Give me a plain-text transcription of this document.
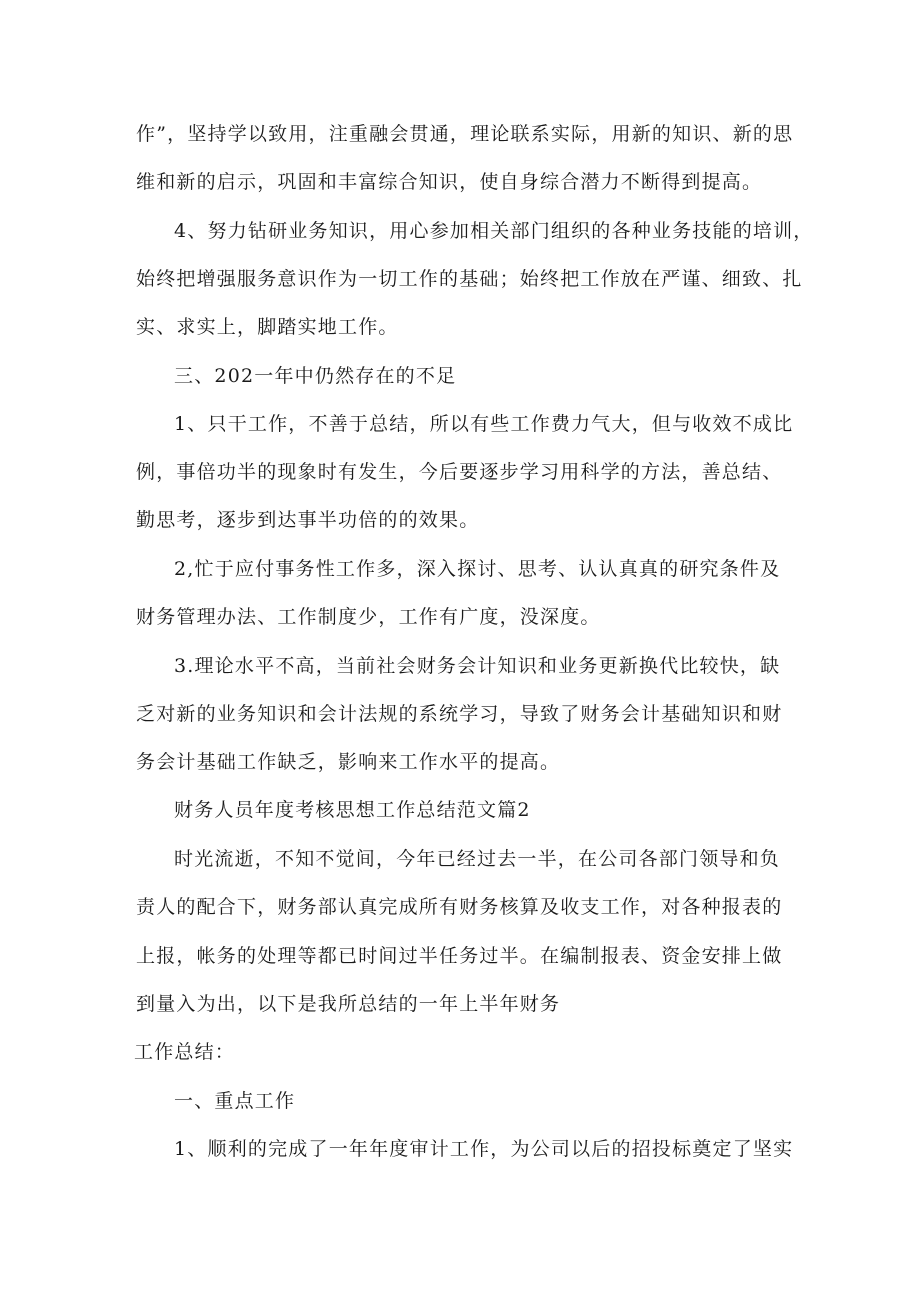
作”，坚持学以致用，注重融会贯通，理论联系实际，用新的知识、新的思
维和新的启示，巩固和丰富综合知识，使自身综合潜力不断得到提高。
4、努力钻研业务知识，用心参加相关部门组织的各种业务技能的培训，
始终把增强服务意识作为一切工作的基础；始终把工作放在严谨、细致、扎
实、求实上，脚踏实地工作。
三、202一年中仍然存在的不足
1、只干工作，不善于总结，所以有些工作费力气大，但与收效不成比
例，事倍功半的现象时有发生，今后要逐步学习用科学的方法，善总结、
勤思考，逐步到达事半功倍的的效果。
2,忙于应付事务性工作多，深入探讨、思考、认认真真的研究条件及
财务管理办法、工作制度少，工作有广度，没深度。
3.理论水平不高，当前社会财务会计知识和业务更新换代比较快，缺
乏对新的业务知识和会计法规的系统学习，导致了财务会计基础知识和财
务会计基础工作缺乏，影响来工作水平的提高。
财务人员年度考核思想工作总结范文篇2
时光流逝，不知不觉间，今年已经过去一半，在公司各部门领导和负
责人的配合下，财务部认真完成所有财务核算及收支工作，对各种报表的
上报，帐务的处理等都已时间过半任务过半。在编制报表、资金安排上做
到量入为出，以下是我所总结的一年上半年财务
工作总结：
一、重点工作
1、顺利的完成了一年年度审计工作，为公司以后的招投标奠定了坚实
